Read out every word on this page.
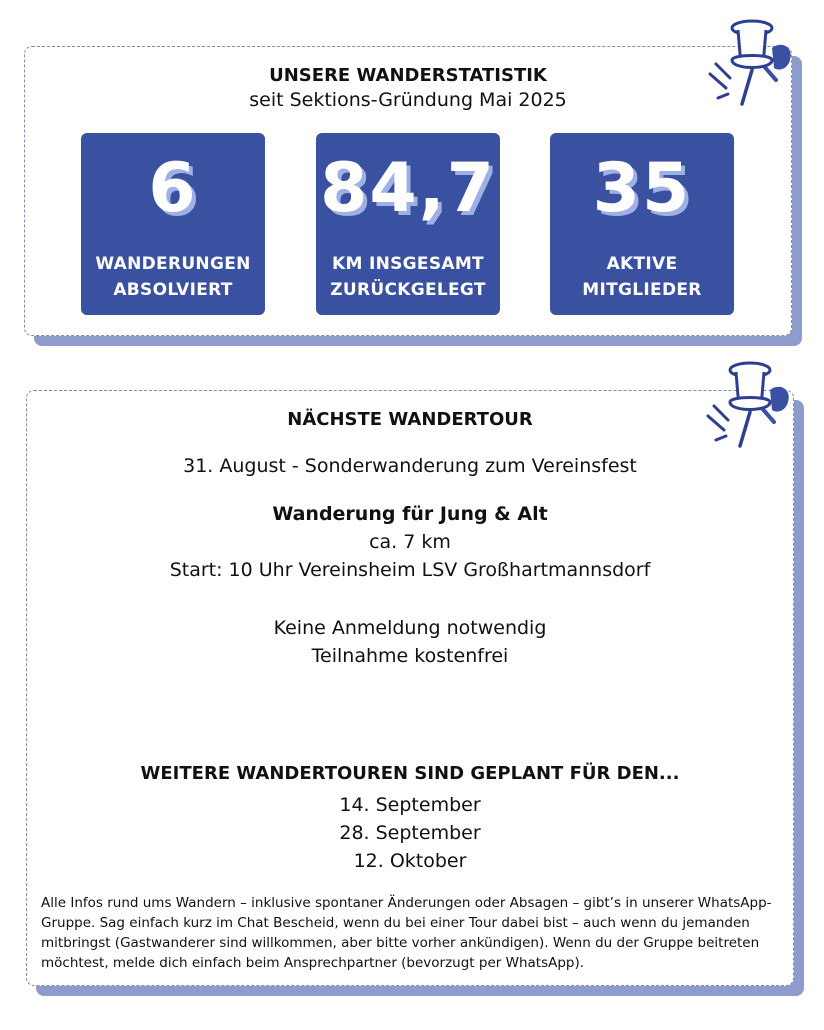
UNSERE WANDERSTATISTIK
seit Sektions-Gründung Mai 2025
6
WANDERUNGEN
ABSOLVIERT
84,7
KM INSGESAMT
ZURÜCKGELEGT
35
AKTIVE
MITGLIEDER
NÄCHSTE WANDERTOUR
31. August - Sonderwanderung zum Vereinsfest
Wanderung für Jung & Alt
ca. 7 km
Start: 10 Uhr Vereinsheim LSV Großhartmannsdorf
Keine Anmeldung notwendig
Teilnahme kostenfrei
WEITERE WANDERTOUREN SIND GEPLANT FÜR DEN...
14. September
28. September
12. Oktober
Alle Infos rund ums Wandern – inklusive spontaner Änderungen oder Absagen – gibt’s in unserer WhatsApp-Gruppe. Sag einfach kurz im Chat Bescheid, wenn du bei einer Tour dabei bist – auch wenn du jemanden mitbringst (Gastwanderer sind willkommen, aber bitte vorher ankündigen). Wenn du der Gruppe beitreten möchtest, melde dich einfach beim Ansprechpartner (bevorzugt per WhatsApp).
